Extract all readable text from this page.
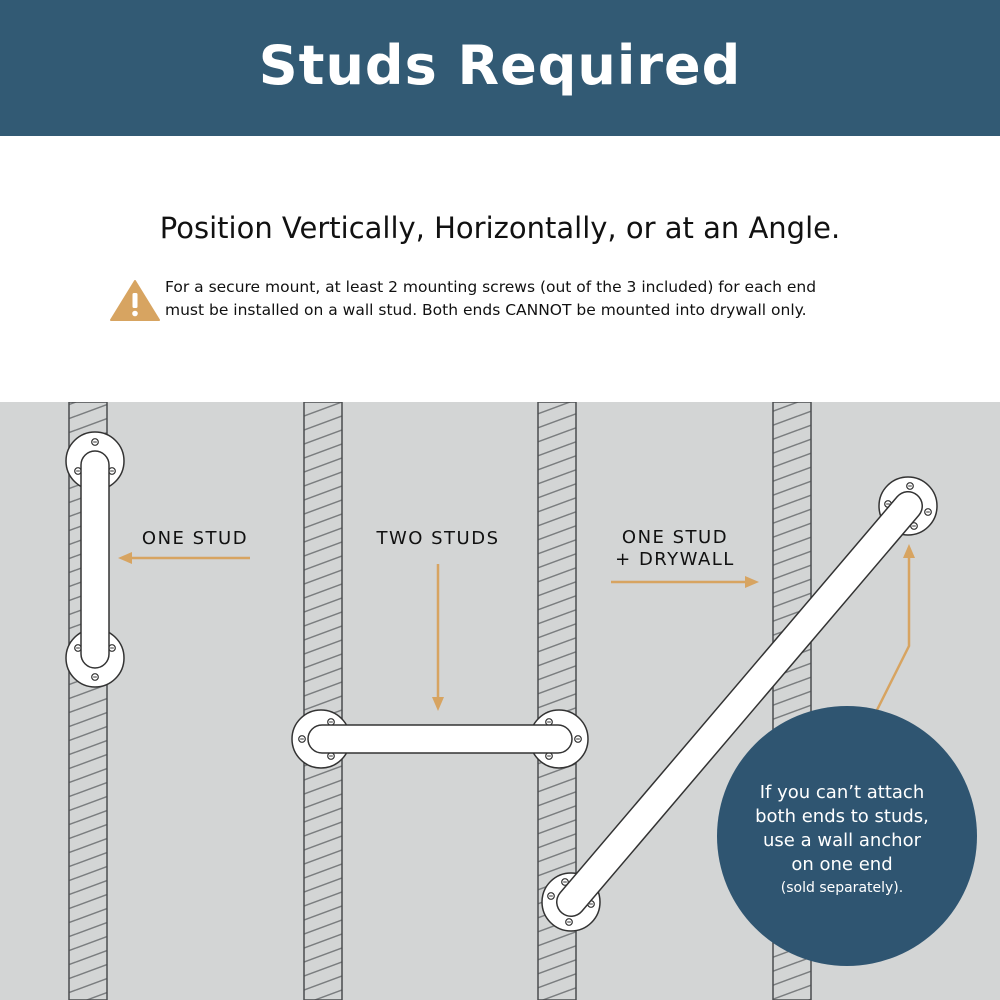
Studs Required
Position Vertically, Horizontally, or at an Angle.
For a secure mount, at least 2 mounting screws (out of the 3 included) for each end
must be installed on a wall stud. Both ends CANNOT be mounted into drywall only.
ONE STUD	TWO STUDS	ONE STUD
+ DRYWALL
If you can’t attach
both ends to studs,
use a wall anchor
on one end
(sold separately).
